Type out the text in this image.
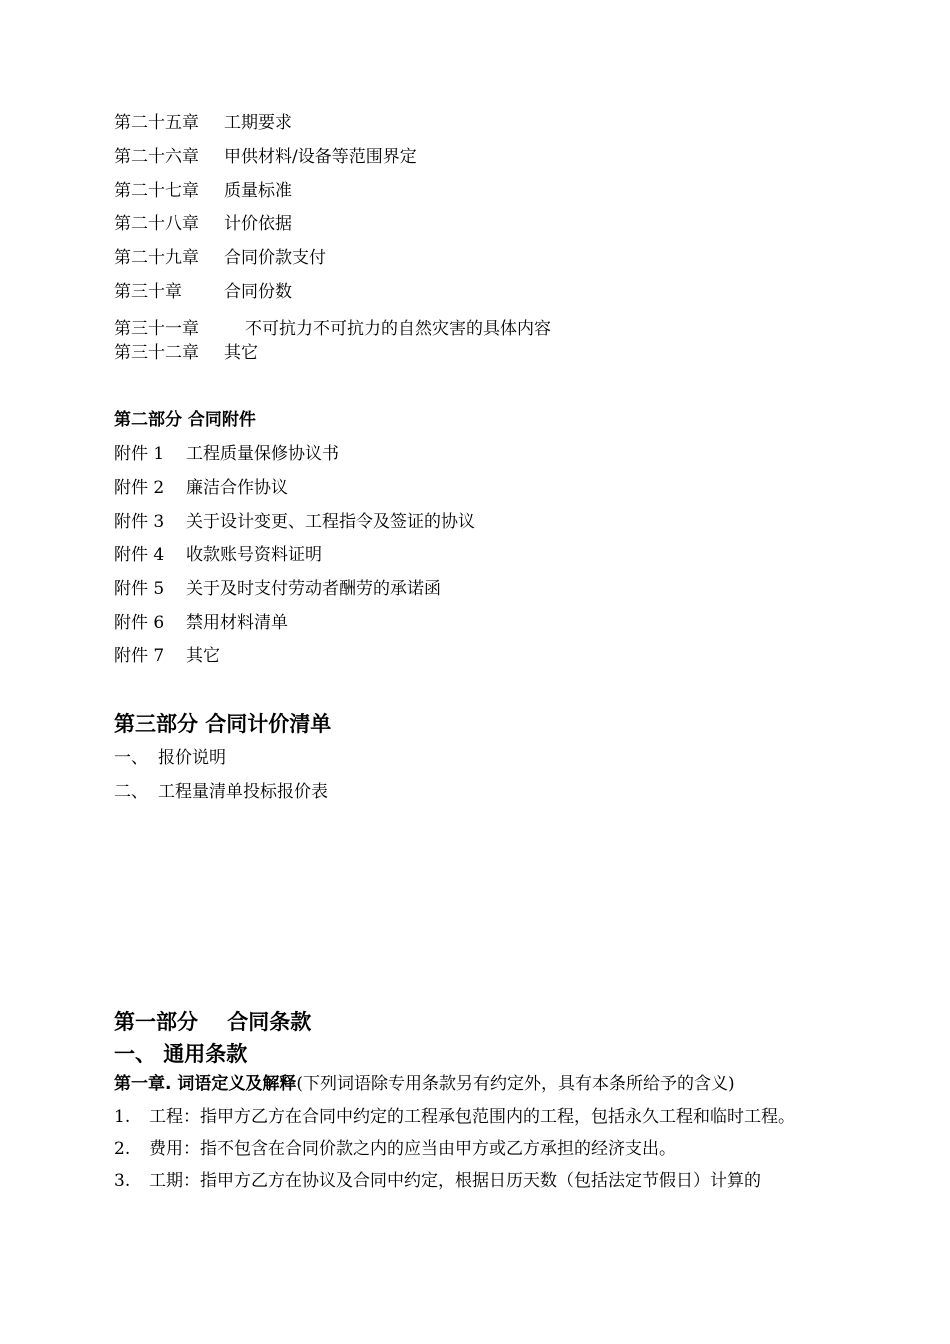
第二十五章 工期要求
第二十六章 甲供材料/设备等范围界定
第二十七章 质量标准
第二十八章 计价依据
第二十九章 合同价款支付
第三十章 合同份数
第三十一章	不可抗力不可抗力的自然灾害的具体内容
第三十二章 其它
第二部分 合同附件
附件 1 工程质量保修协议书
附件 2 廉洁合作协议
附件 3 关于设计变更、工程指令及签证的协议
附件 4 收款账号资料证明
附件 5 关于及时支付劳动者酬劳的承诺函
附件 6 禁用材料清单
附件 7 其它
第三部分 合同计价清单
一、 报价说明
二、 工程量清单投标报价表
第一部分    合同条款
一、 通用条款
第一章. 词语定义及解释(下列词语除专用条款另有约定外，具有本条所给予的含义)
1. 工程：指甲方乙方在合同中约定的工程承包范围内的工程，包括永久工程和临时工程。
2. 费用：指不包含在合同价款之内的应当由甲方或乙方承担的经济支出。
3. 工期：指甲方乙方在协议及合同中约定，根据日历天数（包括法定节假日）计算的
